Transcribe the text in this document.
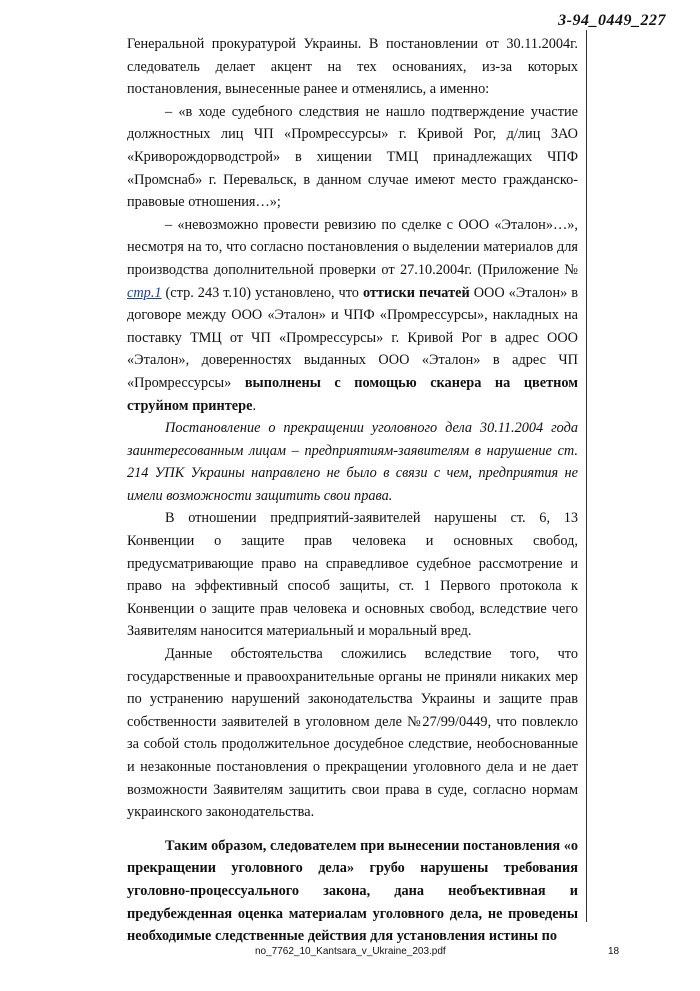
3-94_0449_227

Генеральной прокуратурой Украины. В постановлении от 30.11.2004г. следователь делает акцент на тех основаниях, из-за которых постановления, вынесенные ранее и отменялись, а именно:

– «в ходе судебного следствия не нашло подтверждение участие должностных лиц ЧП «Промрессурсы» г. Кривой Рог, д/лиц ЗАО «Криворождорводстрой» в хищении ТМЦ принадлежащих ЧПФ «Промснаб» г. Перевальск, в данном случае имеют место гражданско-правовые отношения…»;

– «невозможно провести ревизию по сделке с ООО «Эталон»…», несмотря на то, что согласно постановления о выделении материалов для производства дополнительной проверки от 27.10.2004г. (Приложение № стр.1 (стр. 243 т.10) установлено, что оттиски печатей ООО «Эталон» в договоре между ООО «Эталон» и ЧПФ «Промрессурсы», накладных на поставку ТМЦ от ЧП «Промрессурсы» г. Кривой Рог в адрес ООО «Эталон», доверенностях выданных ООО «Эталон» в адрес ЧП «Промрессурсы» выполнены с помощью сканера на цветном струйном принтере.

Постановление о прекращении уголовного дела 30.11.2004 года заинтересованным лицам – предприятиям-заявителям в нарушение ст. 214 УПК Украины направлено не было в связи с чем, предприятия не имели возможности защитить свои права.

В отношении предприятий-заявителей нарушены ст. 6, 13 Конвенции о защите прав человека и основных свобод, предусматривающие право на справедливое судебное рассмотрение и право на эффективный способ защиты, ст. 1 Первого протокола к Конвенции о защите прав человека и основных свобод, вследствие чего Заявителям наносится материальный и моральный вред.

Данные обстоятельства сложились вследствие того, что государственные и правоохранительные органы не приняли никаких мер по устранению нарушений законодательства Украины и защите прав собственности заявителей в уголовном деле №27/99/0449, что повлекло за собой столь продолжительное досудебное следствие, необоснованные и незаконные постановления о прекращении уголовного дела и не дает возможности Заявителям защитить свои права в суде, согласно нормам украинского законодательства.

Таким образом, следователем при вынесении постановления «о прекращении уголовного дела» грубо нарушены требования уголовно-процессуального закона, дана необъективная и предубежденная оценка материалам уголовного дела, не проведены необходимые следственные действия для установления истины по

no_7762_10_Kantsara_v_Ukraine_203.pdf	18
